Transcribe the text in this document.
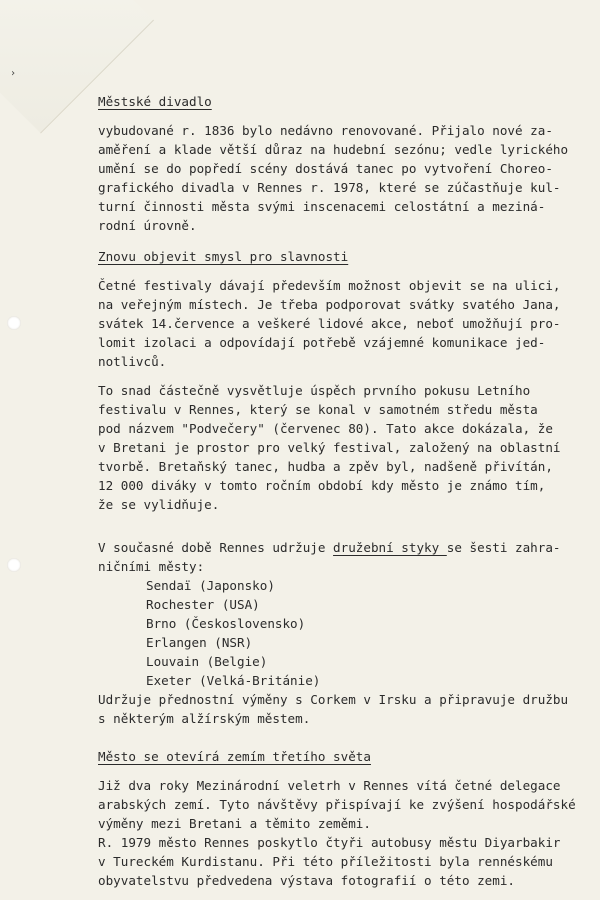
›

Městské divadlo

vybudované r. 1836 bylo nedávno renovované. Přijalo nové za-
aměření a klade větší důraz na hudební sezónu; vedle lyrického
umění se do popředí scény dostává tanec po vytvoření Choreo-
grafického divadla v Rennes r. 1978, které se zúčastňuje kul-
turní činnosti města svými inscenacemi celostátní a meziná-
rodní úrovně.

Znovu objevit smysl pro slavnosti

Četné festivaly dávají především možnost objevit se na ulici,
na veřejným místech. Je třeba podporovat svátky svatého Jana,
svátek 14.července a veškeré lidové akce, neboť umožňují pro-
lomit izolaci a odpovídají potřebě vzájemné komunikace jed-
notlivců.

To snad částečně vysvětluje úspěch prvního pokusu Letního
festivalu v Rennes, který se konal v samotném středu města
pod názvem "Podvečery" (červenec 80). Tato akce dokázala, že
v Bretani je prostor pro velký festival, založený na oblastní
tvorbě. Bretaňský tanec, hudba a zpěv byl, nadšeně přivítán,
12 000 diváky v tomto ročním období kdy město je známo tím,
že se vylidňuje.

V současné době Rennes udržuje družební styky se šesti zahra-

ničními městy:

Sendaï (Japonsko)

Rochester (USA)

Brno (Československo)

Erlangen (NSR)

Louvain (Belgie)

Exeter (Velká-Británie)

Udržuje přednostní výměny s Corkem v Irsku a připravuje družbu
s některým alžírským městem.

Město se otevírá zemím třetího světa

Již dva roky Mezinárodní veletrh v Rennes vítá četné delegace
arabských zemí. Tyto návštěvy přispívají ke zvýšení hospodářské
výměny mezi Bretani a těmito zeměmi.
R. 1979 město Rennes poskytlo čtyři autobusy městu Diyarbakir
v Tureckém Kurdistanu. Při této příležitosti byla rennéskému
obyvatelstvu předvedena výstava fotografií o této zemi.
